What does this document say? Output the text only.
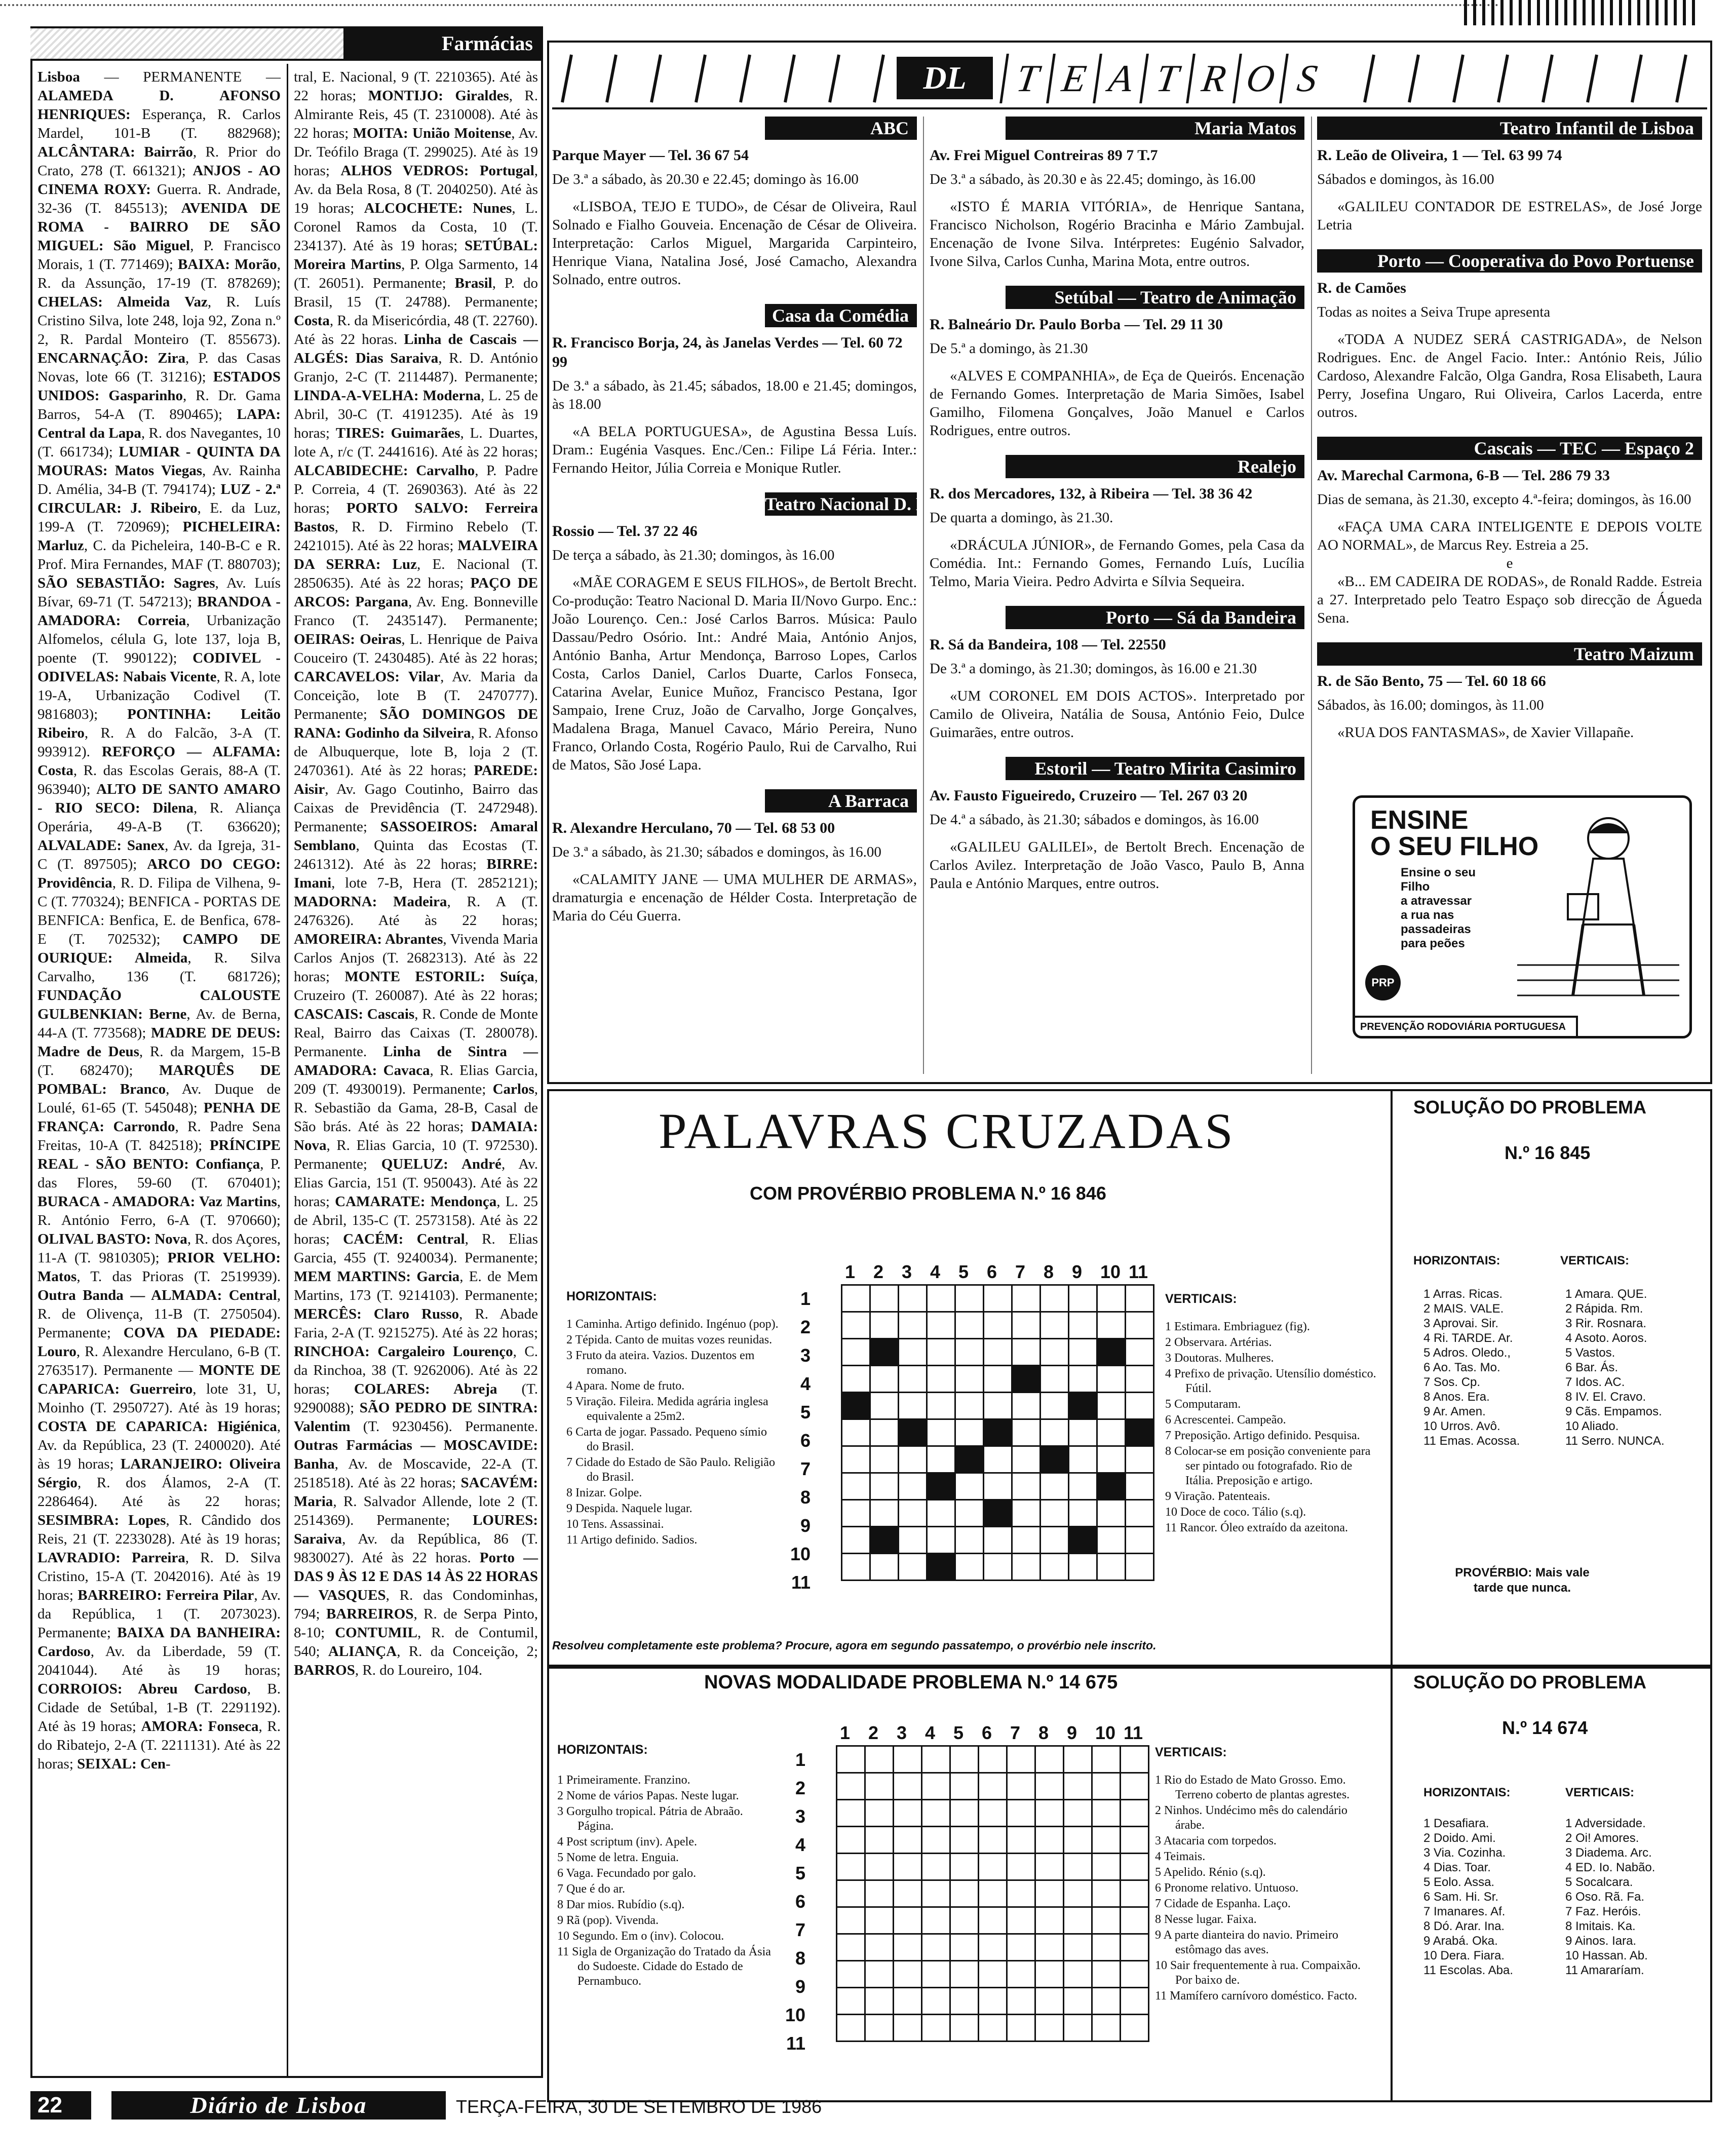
Farmácias
Lisboa — PERMANENTE — ALAMEDA D. AFONSO HENRIQUES: Esperança, R. Carlos Mardel, 101-B (T. 882968); ALCÂNTARA: Bairrão, R. Prior do Crato, 278 (T. 661321); ANJOS - AO CINEMA ROXY: Guerra. R. Andrade, 32-36 (T. 845513); AVENIDA DE ROMA - BAIRRO DE SÃO MIGUEL: São Miguel, P. Francisco Morais, 1 (T. 771469); BAIXA: Morão, R. da Assunção, 17-19 (T. 878269); CHELAS: Almeida Vaz, R. Luís Cristino Silva, lote 248, loja 92, Zona n.º 2, R. Pardal Monteiro (T. 855673). ENCARNAÇÃO: Zira, P. das Casas Novas, lote 66 (T. 31216); ESTADOS UNIDOS: Gasparinho, R. Dr. Gama Barros, 54-A (T. 890465); LAPA: Central da Lapa, R. dos Navegantes, 10 (T. 661734); LUMIAR - QUINTA DA MOURAS: Matos Viegas, Av. Rainha D. Amélia, 34-B (T. 794174); LUZ - 2.ª CIRCULAR: J. Ribeiro, E. da Luz, 199-A (T. 720969); PICHELEIRA: Marluz, C. da Picheleira, 140-B-C e R. Prof. Mira Fernandes, MAF (T. 880703); SÃO SEBASTIÃO: Sagres, Av. Luís Bívar, 69-71 (T. 547213); BRANDOA - AMADORA: Correia, Urbanização Alfomelos, célula G, lote 137, loja B, poente (T. 990122); CODIVEL - ODIVELAS: Nabais Vicente, R. A, lote 19-A, Urbanização Codivel (T. 9816803); PONTINHA: Leitão Ribeiro, R. A do Falcão, 3-A (T. 993912). REFORÇO — ALFAMA: Costa, R. das Escolas Gerais, 88-A (T. 963940); ALTO DE SANTO AMARO - RIO SECO: Dilena, R. Aliança Operária, 49-A-B (T. 636620); ALVALADE: Sanex, Av. da Igreja, 31-C (T. 897505); ARCO DO CEGO: Providência, R. D. Filipa de Vilhena, 9-C (T. 770324); BENFICA - PORTAS DE BENFICA: Benfica, E. de Benfica, 678-E (T. 702532); CAMPO DE OURIQUE: Almeida, R. Silva Carvalho, 136 (T. 681726); FUNDAÇÃO CALOUSTE GULBENKIAN: Berne, Av. de Berna, 44-A (T. 773568); MADRE DE DEUS: Madre de Deus, R. da Margem, 15-B (T. 682470); MARQUÊS DE POMBAL: Branco, Av. Duque de Loulé, 61-65 (T. 545048); PENHA DE FRANÇA: Carrondo, R. Padre Sena Freitas, 10-A (T. 842518); PRÍNCIPE REAL - SÃO BENTO: Confiança, P. das Flores, 59-60 (T. 670401); BURACA - AMADORA: Vaz Martins, R. António Ferro, 6-A (T. 970660); OLIVAL BASTO: Nova, R. dos Açores, 11-A (T. 9810305); PRIOR VELHO: Matos, T. das Prioras (T. 2519939). Outra Banda — ALMADA: Central, R. de Olivença, 11-B (T. 2750504). Permanente; COVA DA PIEDADE: Louro, R. Alexandre Herculano, 6-B (T. 2763517). Permanente — MONTE DE CAPARICA: Guerreiro, lote 31, U, Moinho (T. 2950727). Até às 19 horas; COSTA DE CAPARICA: Higiénica, Av. da República, 23 (T. 2400020). Até às 19 horas; LARANJEIRO: Oliveira Sérgio, R. dos Álamos, 2-A (T. 2286464). Até às 22 horas; SESIMBRA: Lopes, R. Cândido dos Reis, 21 (T. 2233028). Até às 19 horas; LAVRADIO: Parreira, R. D. Silva Cristino, 15-A (T. 2042016). Até às 19 horas; BARREIRO: Ferreira Pilar, Av. da República, 1 (T. 2073023). Permanente; BAIXA DA BANHEIRA: Cardoso, Av. da Liberdade, 59 (T. 2041044). Até às 19 horas; CORROIOS: Abreu Cardoso, B. Cidade de Setúbal, 1-B (T. 2291192). Até às 19 horas; AMORA: Fonseca, R. do Ribatejo, 2-A (T. 2211131). Até às 22 horas; SEIXAL: Cen-
tral, E. Nacional, 9 (T. 2210365). Até às 22 horas; MONTIJO: Giraldes, R. Almirante Reis, 45 (T. 2310008). Até às 22 horas; MOITA: União Moitense, Av. Dr. Teófilo Braga (T. 299025). Até às 19 horas; ALHOS VEDROS: Portugal, Av. da Bela Rosa, 8 (T. 2040250). Até às 19 horas; ALCOCHETE: Nunes, L. Coronel Ramos da Costa, 10 (T. 234137). Até às 19 horas; SETÚBAL: Moreira Martins, P. Olga Sarmento, 14 (T. 26051). Permanente; Brasil, P. do Brasil, 15 (T. 24788). Permanente; Costa, R. da Misericórdia, 48 (T. 22760). Até às 22 horas. Linha de Cascais — ALGÉS: Dias Saraiva, R. D. António Granjo, 2-C (T. 2114487). Permanente; LINDA-A-VELHA: Moderna, L. 25 de Abril, 30-C (T. 4191235). Até às 19 horas; TIRES: Guimarães, L. Duartes, lote A, r/c (T. 2441616). Até às 22 horas; ALCABIDECHE: Carvalho, P. Padre P. Correia, 4 (T. 2690363). Até às 22 horas; PORTO SALVO: Ferreira Bastos, R. D. Firmino Rebelo (T. 2421015). Até às 22 horas; MALVEIRA DA SERRA: Luz, E. Nacional (T. 2850635). Até às 22 horas; PAÇO DE ARCOS: Pargana, Av. Eng. Bonneville Franco (T. 2435147). Permanente; OEIRAS: Oeiras, L. Henrique de Paiva Couceiro (T. 2430485). Até às 22 horas; CARCAVELOS: Vilar, Av. Maria da Conceição, lote B (T. 2470777). Permanente; SÃO DOMINGOS DE RANA: Godinho da Silveira, R. Afonso de Albuquerque, lote B, loja 2 (T. 2470361). Até às 22 horas; PAREDE: Aisir, Av. Gago Coutinho, Bairro das Caixas de Previdência (T. 2472948). Permanente; SASSOEIROS: Amaral Semblano, Quinta das Ecostas (T. 2461312). Até às 22 horas; BIRRE: Imani, lote 7-B, Hera (T. 2852121); MADORNA: Madeira, R. A (T. 2476326). Até às 22 horas; AMOREIRA: Abrantes, Vivenda Maria Carlos Anjos (T. 2682313). Até às 22 horas; MONTE ESTORIL: Suíça, Cruzeiro (T. 260087). Até às 22 horas; CASCAIS: Cascais, R. Conde de Monte Real, Bairro das Caixas (T. 280078). Permanente. Linha de Sintra — AMADORA: Cavaca, R. Elias Garcia, 209 (T. 4930019). Permanente; Carlos, R. Sebastião da Gama, 28-B, Casal de São brás. Até às 22 horas; DAMAIA: Nova, R. Elias Garcia, 10 (T. 972530). Permanente; QUELUZ: André, Av. Elias Garcia, 151 (T. 950043). Até às 22 horas; CAMARATE: Mendonça, L. 25 de Abril, 135-C (T. 2573158). Até às 22 horas; CACÉM: Central, R. Elias Garcia, 455 (T. 9240034). Permanente; MEM MARTINS: Garcia, E. de Mem Martins, 173 (T. 9214103). Permanente; MERCÊS: Claro Russo, R. Abade Faria, 2-A (T. 9215275). Até às 22 horas; RINCHOA: Cargaleiro Lourenço, C. da Rinchoa, 38 (T. 9262006). Até às 22 horas; COLARES: Abreja (T. 9290088); SÃO PEDRO DE SINTRA: Valentim (T. 9230456). Permanente. Outras Farmácias — MOSCAVIDE: Banha, Av. de Moscavide, 22-A (T. 2518518). Até às 22 horas; SACAVÉM: Maria, R. Salvador Allende, lote 2 (T. 2514369). Permanente; LOURES: Saraiva, Av. da República, 86 (T. 9830027). Até às 22 horas. Porto — DAS 9 ÀS 12 E DAS 14 ÀS 22 HORAS — VASQUES, R. das Condominhas, 794; BARREIROS, R. de Serpa Pinto, 8-10; CONTUMIL, R. de Contumil, 540; ALIANÇA, R. da Conceição, 2; BARROS, R. do Loureiro, 104.
DL	T E A T R O S
ABC
Parque Mayer — Tel. 36 67 54
De 3.ª a sábado, às 20.30 e 22.45; domingo às 16.00
«LISBOA, TEJO E TUDO», de César de Oliveira, Raul Solnado e Fialho Gouveia. Encenação de César de Oliveira. Interpretação: Carlos Miguel, Margarida Carpinteiro, Henrique Viana, Natalina José, José Camacho, Alexandra Solnado, entre outros.
Casa da Comédia
R. Francisco Borja, 24, às Janelas Verdes — Tel. 60 72 99
De 3.ª a sábado, às 21.45; sábados, 18.00 e 21.45; domingos, às 18.00
«A BELA PORTUGUESA», de Agustina Bessa Luís. Dram.: Eugénia Vasques. Enc./Cen.: Filipe Lá Féria. Inter.: Fernando Heitor, Júlia Correia e Monique Rutler.
Teatro Nacional D. Maria II
Rossio — Tel. 37 22 46
De terça a sábado, às 21.30; domingos, às 16.00
«MÃE CORAGEM E SEUS FILHOS», de Bertolt Brecht. Co-produção: Teatro Nacional D. Maria II/Novo Gurpo. Enc.: João Lourenço. Cen.: José Carlos Barros. Música: Paulo Dassau/Pedro Osório. Int.: André Maia, António Anjos, António Banha, Artur Mendonça, Barroso Lopes, Carlos Costa, Carlos Daniel, Carlos Duarte, Carlos Fonseca, Catarina Avelar, Eunice Muñoz, Francisco Pestana, Igor Sampaio, Irene Cruz, João de Carvalho, Jorge Gonçalves, Madalena Braga, Manuel Cavaco, Mário Pereira, Nuno Franco, Orlando Costa, Rogério Paulo, Rui de Carvalho, Rui de Matos, São José Lapa.
A Barraca
R. Alexandre Herculano, 70 — Tel. 68 53 00
De 3.ª a sábado, às 21.30; sábados e domingos, às 16.00
«CALAMITY JANE — UMA MULHER DE ARMAS», dramaturgia e encenação de Hélder Costa. Interpretação de Maria do Céu Guerra.
Maria Matos
Av. Frei Miguel Contreiras 89 7 T.7
De 3.ª a sábado, às 20.30 e às 22.45; domingo, às 16.00
«ISTO É MARIA VITÓRIA», de Henrique Santana, Francisco Nicholson, Rogério Bracinha e Mário Zambujal. Encenação de Ivone Silva. Intérpretes: Eugénio Salvador, Ivone Silva, Carlos Cunha, Marina Mota, entre outros.
Setúbal — Teatro de Animação
R. Balneário Dr. Paulo Borba — Tel. 29 11 30
De 5.ª a domingo, às 21.30
«ALVES E COMPANHIA», de Eça de Queirós. Encenação de Fernando Gomes. Interpretação de Maria Simões, Isabel Gamilho, Filomena Gonçalves, João Manuel e Carlos Rodrigues, entre outros.
Realejo
R. dos Mercadores, 132, à Ribeira — Tel. 38 36 42
De quarta a domingo, às 21.30.
«DRÁCULA JÚNIOR», de Fernando Gomes, pela Casa da Comédia. Int.: Fernando Gomes, Fernando Luís, Lucília Telmo, Maria Vieira. Pedro Advirta e Sílvia Sequeira.
Porto — Sá da Bandeira
R. Sá da Bandeira, 108 — Tel. 22550
De 3.ª a domingo, às 21.30; domingos, às 16.00 e 21.30
«UM CORONEL EM DOIS ACTOS». Interpretado por Camilo de Oliveira, Natália de Sousa, António Feio, Dulce Guimarães, entre outros.
Estoril — Teatro Mirita Casimiro
Av. Fausto Figueiredo, Cruzeiro — Tel. 267 03 20
De 4.ª a sábado, às 21.30; sábados e domingos, às 16.00
«GALILEU GALILEI», de Bertolt Brech. Encenação de Carlos Avilez. Interpretação de João Vasco, Paulo B, Anna Paula e António Marques, entre outros.
Teatro Infantil de Lisboa
R. Leão de Oliveira, 1 — Tel. 63 99 74
Sábados e domingos, às 16.00
«GALILEU CONTADOR DE ESTRELAS», de José Jorge Letria
Porto — Cooperativa do Povo Portuense
R. de Camões
Todas as noites a Seiva Trupe apresenta
«TODA A NUDEZ SERÁ CASTRIGADA», de Nelson Rodrigues. Enc. de Angel Facio. Inter.: António Reis, Júlio Cardoso, Alexandre Falcão, Olga Gandra, Rosa Elisabeth, Laura Perry, Josefina Ungaro, Rui Oliveira, Carlos Lacerda, entre outros.
Cascais — TEC — Espaço 2
Av. Marechal Carmona, 6-B — Tel. 286 79 33
Dias de semana, às 21.30, excepto 4.ª-feira; domingos, às 16.00
«FAÇA UMA CARA INTELIGENTE E DEPOIS VOLTE AO NORMAL», de Marcus Rey. Estreia a 25.
e
«B... EM CADEIRA DE RODAS», de Ronald Radde. Estreia a 27. Interpretado pelo Teatro Espaço sob direcção de Águeda Sena.
Teatro Maizum
R. de São Bento, 75 — Tel. 60 18 66
Sábados, às 16.00; domingos, às 11.00
«RUA DOS FANTASMAS», de Xavier Villapañe.
ENSINE
O SEU FILHO
Ensine o seu
Filho
a atravessar
a rua nas
passadeiras
para peões
PRP
PREVENÇÃO RODOVIÁRIA PORTUGUESA
PALAVRAS CRUZADAS
COM PROVÉRBIO PROBLEMA N.º 16 846
1 2 3 4 5 6 7 8 9 10 11
1
2
3
4
5
6
7
8
9
10
11

HORIZONTAIS:
1 Caminha. Artigo definido. Ingénuo (pop).
2 Tépida. Canto de muitas vozes reunidas.
3 Fruto da ateira. Vazios. Duzentos em romano.
4 Apara. Nome de fruto.
5 Viração. Fileira. Medida agrária inglesa equivalente a 25m2.
6 Carta de jogar. Passado. Pequeno símio do Brasil.
7 Cidade do Estado de São Paulo. Religião do Brasil.
8 Inizar. Golpe.
9 Despida. Naquele lugar.
10 Tens. Assassinai.
11 Artigo definido. Sadios.
VERTICAIS:
1 Estimara. Embriaguez (fig).
2 Observara. Artérias.
3 Doutoras. Mulheres.
4 Prefixo de privação. Utensílio doméstico. Fútil.
5 Computaram.
6 Acrescentei. Campeão.
7 Preposição. Artigo definido. Pesquisa.
8 Colocar-se em posição conveniente para ser pintado ou fotografado. Rio de Itália. Preposição e artigo.
9 Viração. Patenteais.
10 Doce de coco. Tálio (s.q).
11 Rancor. Óleo extraído da azeitona.
Resolveu completamente este problema? Procure, agora em segundo passatempo, o provérbio nele inscrito.
SOLUÇÃO DO PROBLEMA
N.º 16 845
HORIZONTAIS:	VERTICAIS:
1 Arras. Ricas.
2 MAIS. VALE.
3 Aprovai. Sir.
4 Ri. TARDE. Ar.
5 Adros. Oledo.,
6 Ao. Tas. Mo.
7 Sos. Cp.
8 Anos. Era.
9 Ar. Amen.
10 Urros. Avô.
11 Emas. Acossa.
1 Amara. QUE.
2 Rápida. Rm.
3 Rir. Rosnara.
4 Asoto. Aoros.
5 Vastos.
6 Bar. Ás.
7 Idos. AC.
8 IV. El. Cravo.
9 Cãs. Empamos.
10 Aliado.
11 Serro. NUNCA.
PROVÉRBIO: Mais vale tarde que nunca.
NOVAS MODALIDADE PROBLEMA N.º 14 675
1 2 3 4 5 6 7 8 9 10 11
1
2
3
4
5
6
7
8
9
10
11

HORIZONTAIS:
1 Primeiramente. Franzino.
2 Nome de vários Papas. Neste lugar.
3 Gorgulho tropical. Pátria de Abraão. Página.
4 Post scriptum (inv). Apele.
5 Nome de letra. Enguia.
6 Vaga. Fecundado por galo.
7 Que é do ar.
8 Dar mios. Rubídio (s.q).
9 Rã (pop). Vivenda.
10 Segundo. Em o (inv). Colocou.
11 Sigla de Organização do Tratado da Ásia do Sudoeste. Cidade do Estado de Pernambuco.
VERTICAIS:
1 Rio do Estado de Mato Grosso. Emo. Terreno coberto de plantas agrestes.
2 Ninhos. Undécimo mês do calendário árabe.
3 Atacaria com torpedos.
4 Teimais.
5 Apelido. Rénio (s.q).
6 Pronome relativo. Untuoso.
7 Cidade de Espanha. Laço.
8 Nesse lugar. Faixa.
9 A parte dianteira do navio. Primeiro estômago das aves.
10 Sair frequentemente à rua. Compaixão. Por baixo de.
11 Mamífero carnívoro doméstico. Facto.
SOLUÇÃO DO PROBLEMA
N.º 14 674
HORIZONTAIS:	VERTICAIS:
1 Desafiara.
2 Doido. Ami.
3 Via. Cozinha.
4 Dias. Toar.
5 Eolo. Assa.
6 Sam. Hi. Sr.
7 Imanares. Af.
8 Dó. Arar. Ina.
9 Arabá. Oka.
10 Dera. Fiara.
11 Escolas. Aba.
1 Adversidade.
2 Oi! Amores.
3 Diadema. Arc.
4 ED. Io. Nabão.
5 Socalcara.
6 Oso. Rã. Fa.
7 Faz. Heróis.
8 Imitais. Ka.
9 Ainos. Iara.
10 Hassan. Ab.
11 Amararíam.
22	Diário de Lisboa	TERÇA-FEIRA, 30 DE SETEMBRO DE 1986
